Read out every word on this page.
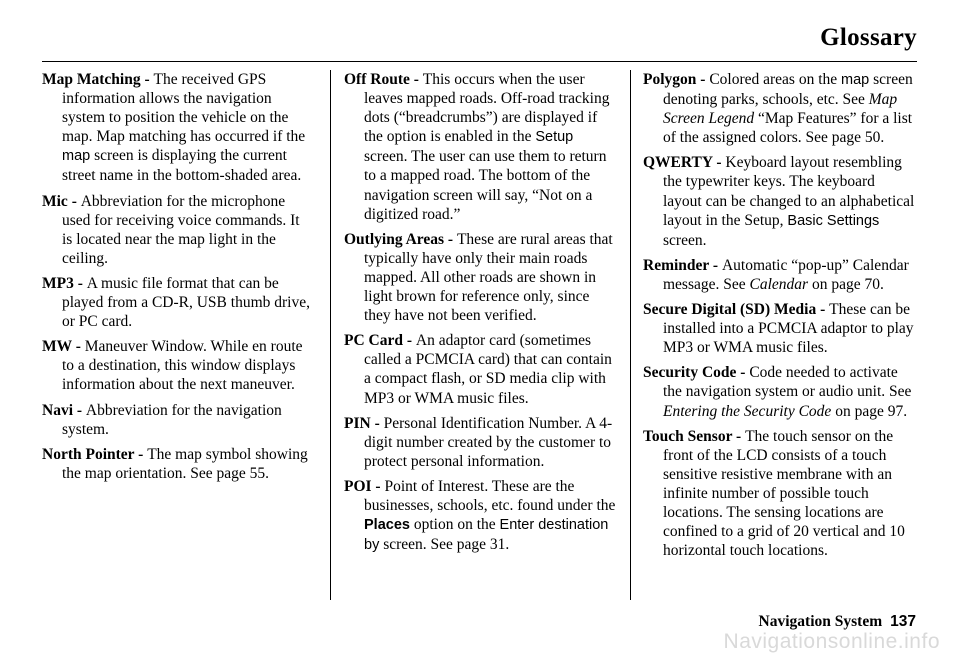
Glossary

Map Matching - The received GPS information allows the navigation system to position the vehicle on the map. Map matching has occurred if the map screen is displaying the current street name in the bottom-shaded area.

Mic - Abbreviation for the microphone used for receiving voice commands. It is located near the map light in the ceiling.

MP3 - A music file format that can be played from a CD-R, USB thumb drive, or PC card.

MW - Maneuver Window. While en route to a destination, this window displays information about the next maneuver.

Navi - Abbreviation for the navigation system.

North Pointer - The map symbol showing the map orientation. See page 55.

Off Route - This occurs when the user leaves mapped roads. Off-road tracking dots (“breadcrumbs”) are displayed if the option is enabled in the Setup screen. The user can use them to return to a mapped road. The bottom of the navigation screen will say, “Not on a digitized road.”

Outlying Areas - These are rural areas that typically have only their main roads mapped. All other roads are shown in light brown for reference only, since they have not been verified.

PC Card - An adaptor card (sometimes called a PCMCIA card) that can contain a compact flash, or SD media clip with MP3 or WMA music files.

PIN - Personal Identification Number. A 4-digit number created by the customer to protect personal information.

POI - Point of Interest. These are the businesses, schools, etc. found under the Places option on the Enter destination by screen. See page 31.

Polygon - Colored areas on the map screen denoting parks, schools, etc. See Map Screen Legend “Map Features” for a list of the assigned colors. See page 50.

QWERTY - Keyboard layout resembling the typewriter keys. The keyboard layout can be changed to an alphabetical layout in the Setup, Basic Settings screen.

Reminder - Automatic “pop-up” Calendar message. See Calendar on page 70.

Secure Digital (SD) Media - These can be installed into a PCMCIA adaptor to play MP3 or WMA music files.

Security Code - Code needed to activate the navigation system or audio unit. See Entering the Security Code on page 97.

Touch Sensor - The touch sensor on the front of the LCD consists of a touch sensitive resistive membrane with an infinite number of possible touch locations. The sensing locations are confined to a grid of 20 vertical and 10 horizontal touch locations.

Navigation System 137
Navigationsonline.info
